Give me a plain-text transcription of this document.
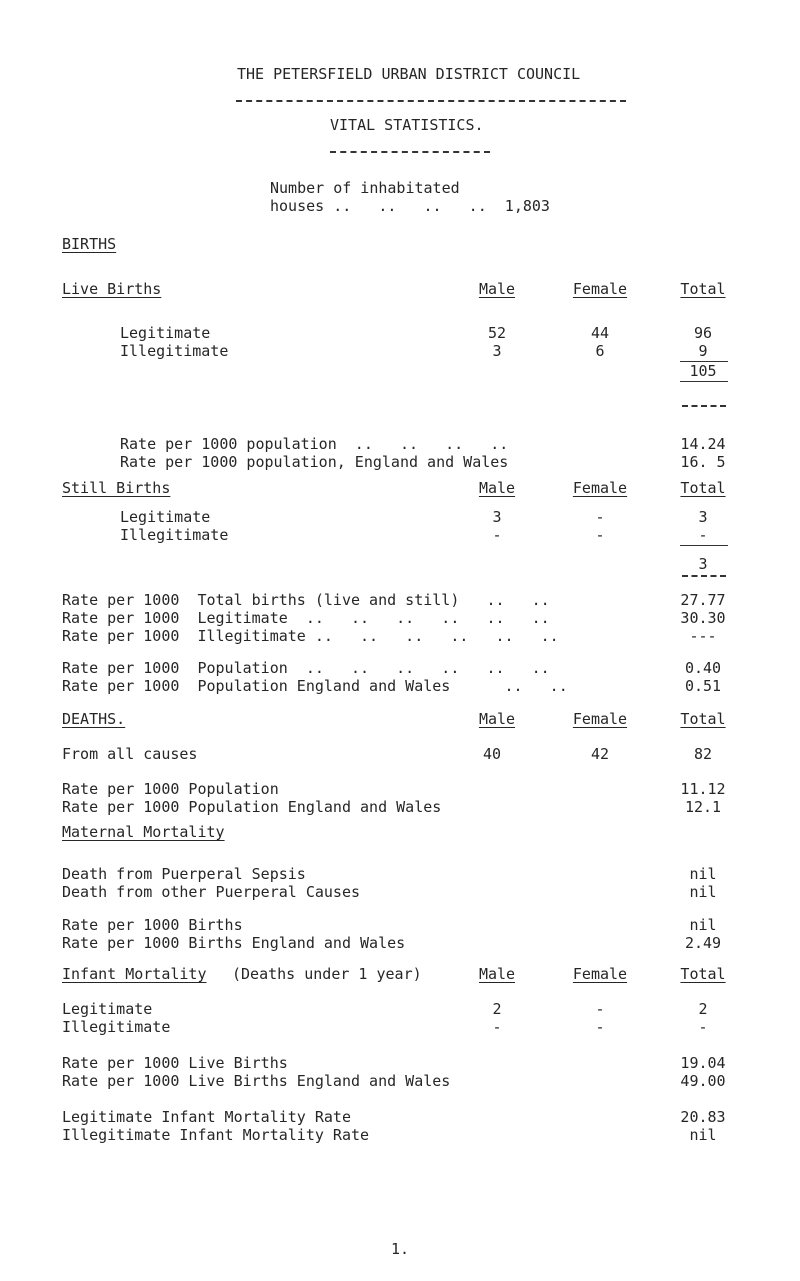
THE PETERSFIELD URBAN DISTRICT COUNCIL
VITAL STATISTICS.
Number of inhabitated
houses ..   ..   ..   ..  1,803
BIRTHS
Live Births	Male	Female	Total
Legitimate	52	44	96
Illegitimate	3	6	9
105
Rate per 1000 population  ..   ..   ..   ..	14.24
Rate per 1000 population, England and Wales	16. 5
Still Births	Male	Female	Total
Legitimate	3	-	3
Illegitimate	-	-	-
3
Rate per 1000  Total births (live and still)   ..   ..	27.77
Rate per 1000  Legitimate  ..   ..   ..   ..   ..   ..	30.30
Rate per 1000  Illegitimate ..   ..   ..   ..   ..   ..	---
Rate per 1000  Population  ..   ..   ..   ..   ..   ..	0.40
Rate per 1000  Population England and Wales      ..   ..	0.51
DEATHS.	Male	Female	Total
From all causes	40	42	82
Rate per 1000 Population	11.12
Rate per 1000 Population England and Wales	12.1
Maternal Mortality
Death from Puerperal Sepsis	nil
Death from other Puerperal Causes	nil
Rate per 1000 Births	nil
Rate per 1000 Births England and Wales	2.49
Infant Mortality (Deaths under 1 year)	Male	Female	Total
Legitimate	2	-	2
Illegitimate	-	-	-
Rate per 1000 Live Births	19.04
Rate per 1000 Live Births England and Wales	49.00
Legitimate Infant Mortality Rate	20.83
Illegitimate Infant Mortality Rate	nil
1.
